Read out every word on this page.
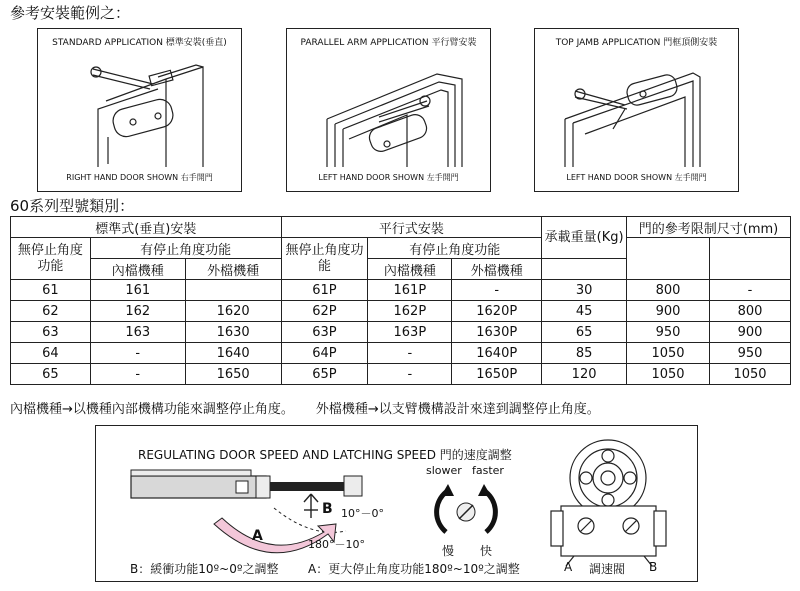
參考安裝範例之：
STANDARD APPLICATION 標準安裝(垂直)
RIGHT HAND DOOR SHOWN 右手開門
PARALLEL ARM APPLICATION 平行臂安裝
LEFT HAND DOOR SHOWN 左手開門
TOP JAMB APPLICATION 門框頂側安裝
LEFT HAND DOOR SHOWN 左手開門
60系列型號類別：
標準式(垂直)安裝			平行式安裝			承載重量(Kg)	門的參考限制尺寸(mm)	
無停止角度功能	有停止角度功能		無停止角度功能	有停止角度功能				
	內檔機種	外檔機種		內檔機種	外檔機種			
61	161		61P	161P	-	30	800	-
62	162	1620	62P	162P	1620P	45	900	800
63	163	1630	63P	163P	1630P	65	950	900
64	-	1640	64P	-	1640P	85	1050	950
65	-	1650	65P	-	1650P	120	1050	1050
內檔機種→以機種內部機構功能來調整停止角度。 外檔機種→以支臂機構設計來達到調整停止角度。
REGULATING DOOR SPEED AND LATCHING SPEED 門的速度調整
slower faster
慢 快
B 10°－0°
A
180°－10°
B：緩衝功能10º~0º之調整 A：更大停止角度功能180º~10º之調整	A 調速閥 B
